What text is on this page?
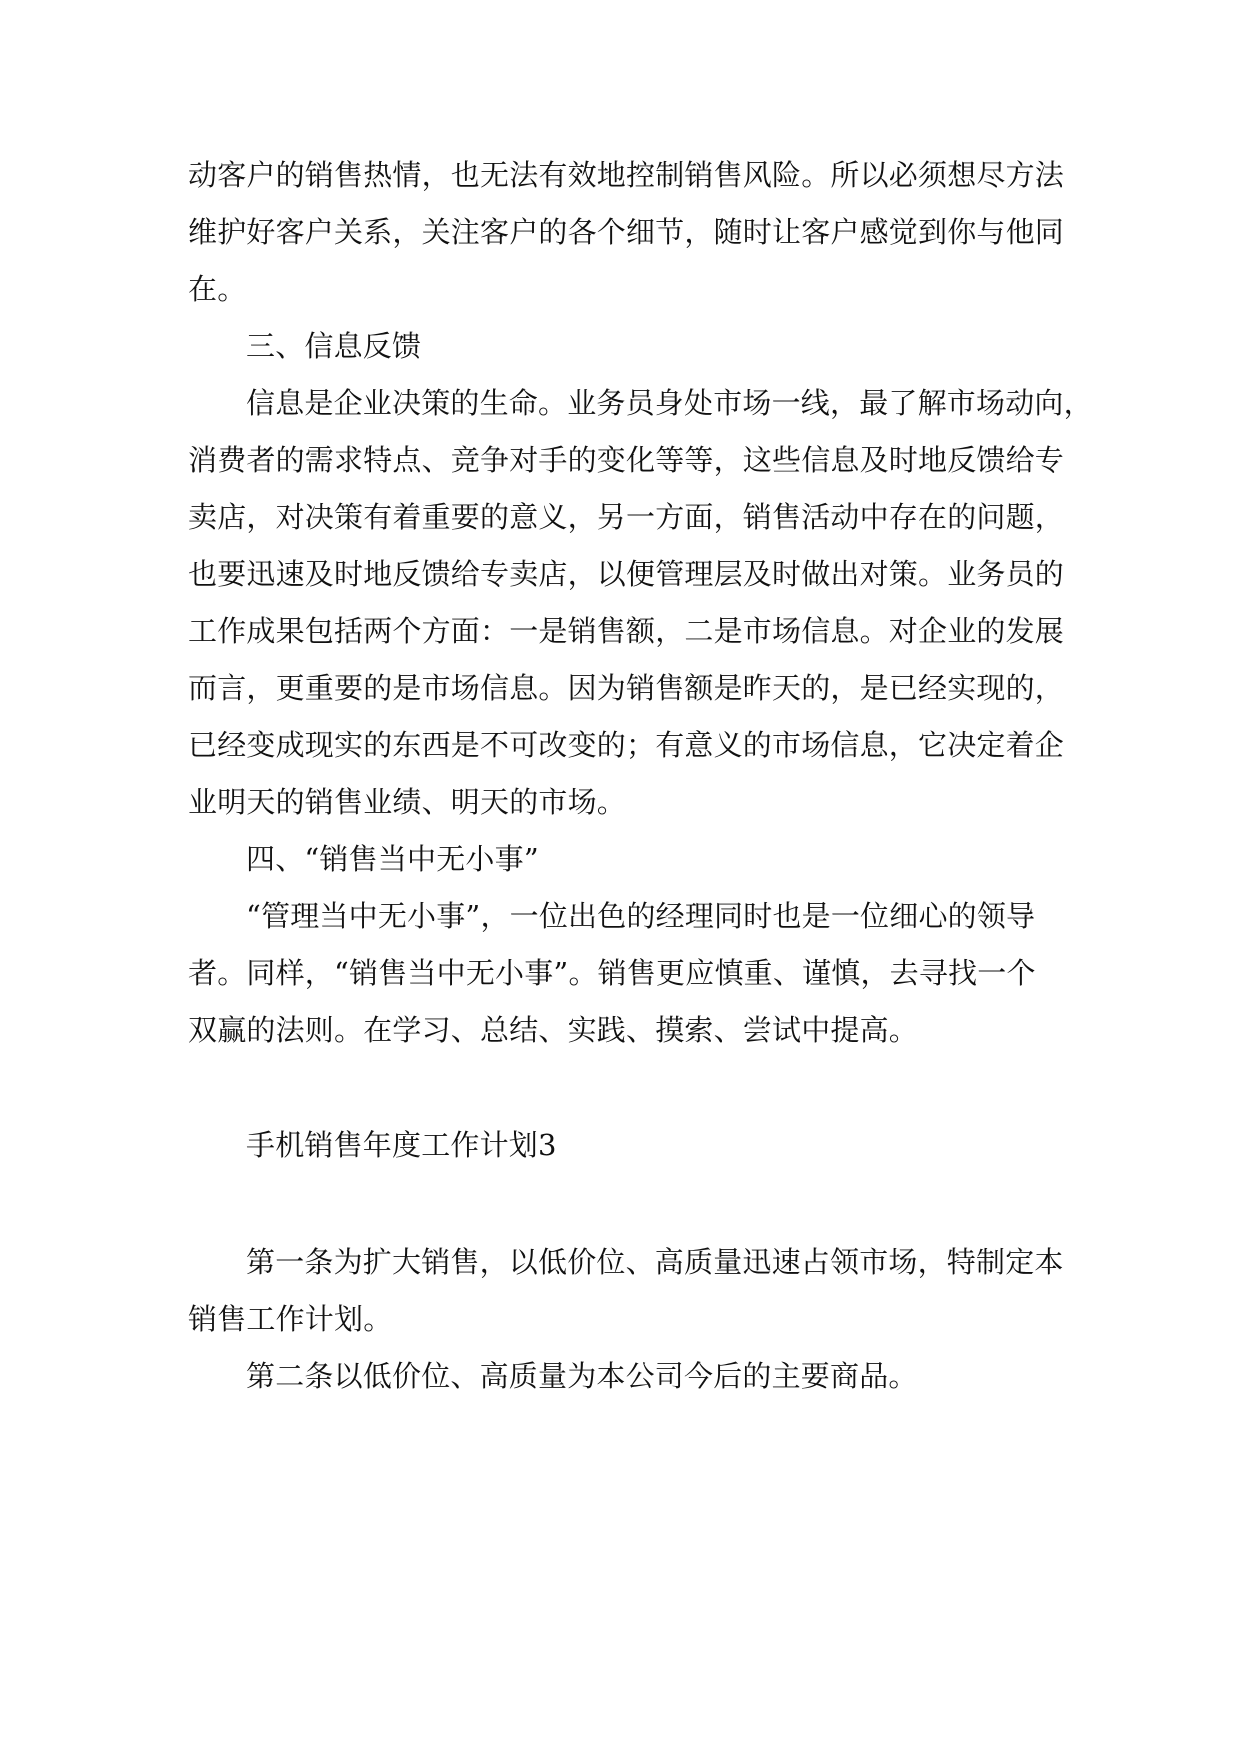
动客户的销售热情，也无法有效地控制销售风险。所以必须想尽方法
维护好客户关系，关注客户的各个细节，随时让客户感觉到你与他同
在。
三、信息反馈
信息是企业决策的生命。业务员身处市场一线，最了解市场动向，
消费者的需求特点、竞争对手的变化等等，这些信息及时地反馈给专
卖店，对决策有着重要的意义，另一方面，销售活动中存在的问题，
也要迅速及时地反馈给专卖店，以便管理层及时做出对策。业务员的
工作成果包括两个方面：一是销售额，二是市场信息。对企业的发展
而言，更重要的是市场信息。因为销售额是昨天的，是已经实现的，
已经变成现实的东西是不可改变的；有意义的市场信息，它决定着企
业明天的销售业绩、明天的市场。
四、“销售当中无小事”
“管理当中无小事”，一位出色的经理同时也是一位细心的领导
者。同样，“销售当中无小事”。销售更应慎重、谨慎，去寻找一个
双赢的法则。在学习、总结、实践、摸索、尝试中提高。
手机销售年度工作计划3
第一条为扩大销售，以低价位、高质量迅速占领市场，特制定本
销售工作计划。
第二条以低价位、高质量为本公司今后的主要商品。
